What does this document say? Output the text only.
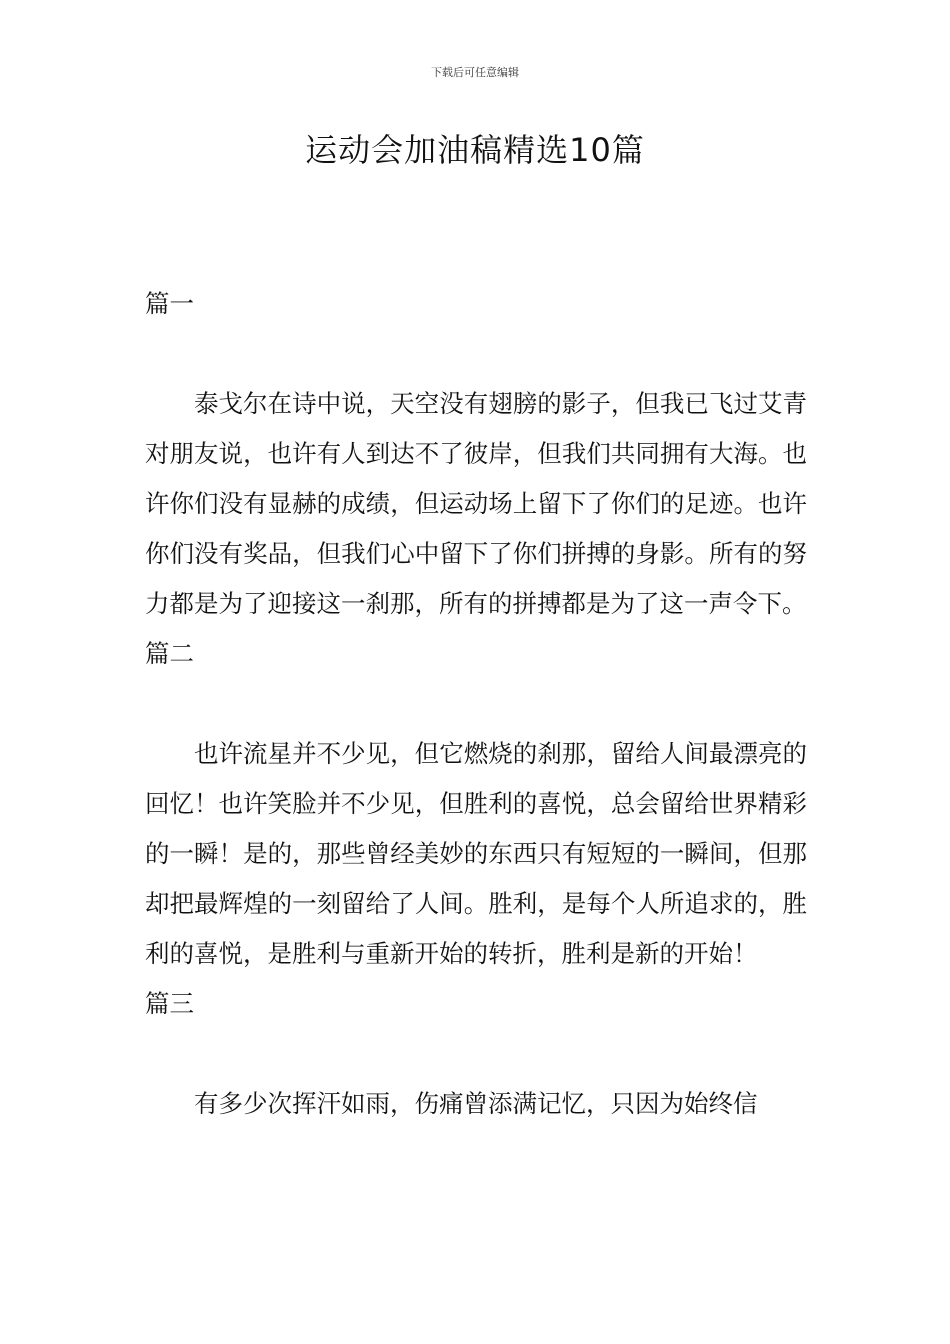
下载后可任意编辑
运动会加油稿精选10篇
篇一

泰戈尔在诗中说，天空没有翅膀的影子，但我已飞过艾青对朋友说，也许有人到达不了彼岸，但我们共同拥有大海。也许你们没有显赫的成绩，但运动场上留下了你们的足迹。也许你们没有奖品，但我们心中留下了你们拼搏的身影。所有的努力都是为了迎接这一刹那，所有的拼搏都是为了这一声令下。

篇二

也许流星并不少见，但它燃烧的刹那，留给人间最漂亮的回忆！也许笑脸并不少见，但胜利的喜悦，总会留给世界精彩的一瞬！是的，那些曾经美妙的东西只有短短的一瞬间，但那却把最辉煌的一刻留给了人间。胜利，是每个人所追求的，胜利的喜悦，是胜利与重新开始的转折，胜利是新的开始！

篇三

有多少次挥汗如雨，伤痛曾添满记忆，只因为始终信
